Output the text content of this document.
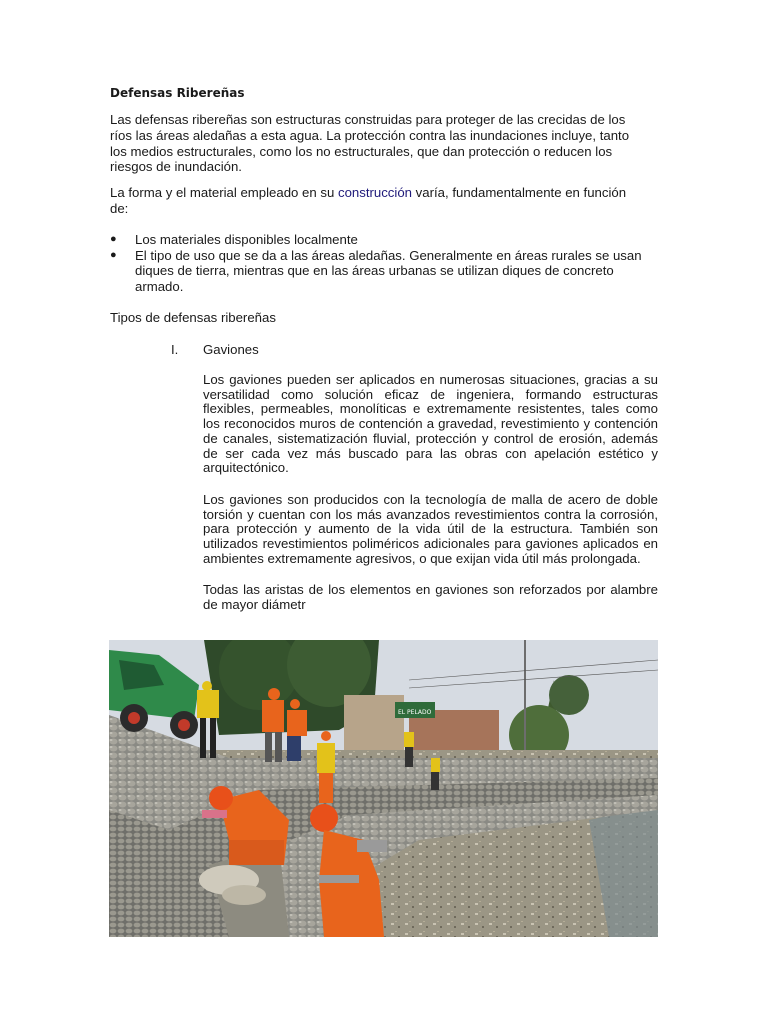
Defensas Ribereñas

Las defensas ribereñas son estructuras construidas para proteger de las crecidas de los ríos las áreas aledañas a esta agua. La protección contra las inundaciones incluye, tanto los medios estructurales, como los no estructurales, que dan protección o reducen los riesgos de inundación.

La forma y el material empleado en su construcción varía, fundamentalmente en función de:

● Los materiales disponibles localmente
● El tipo de uso que se da a las áreas aledañas. Generalmente en áreas rurales se usan diques de tierra, mientras que en las áreas urbanas se utilizan diques de concreto armado.
Tipos de defensas ribereñas
I. Gaviones

Los gaviones pueden ser aplicados en numerosas situaciones, gracias a su versatilidad como solución eficaz de ingeniera, formando estructuras flexibles, permeables, monolíticas e extremamente resistentes, tales como los reconocidos muros de contención a gravedad, revestimiento y contención de canales, sistematización fluvial, protección y control de erosión, además de ser cada vez más buscado para las obras con apelación estético y arquitectónico.

Los gaviones son producidos con la tecnología de malla de acero de doble torsión y cuentan con los más avanzados revestimientos contra la corrosión, para protección y aumento de la vida útil de la estructura. También son utilizados revestimientos poliméricos adicionales para gaviones aplicados en ambientes extremamente agresivos, o que exijan vida útil más prolongada.

Todas las aristas de los elementos en gaviones son reforzados por alambre de mayor diámetr

EL PELADO
